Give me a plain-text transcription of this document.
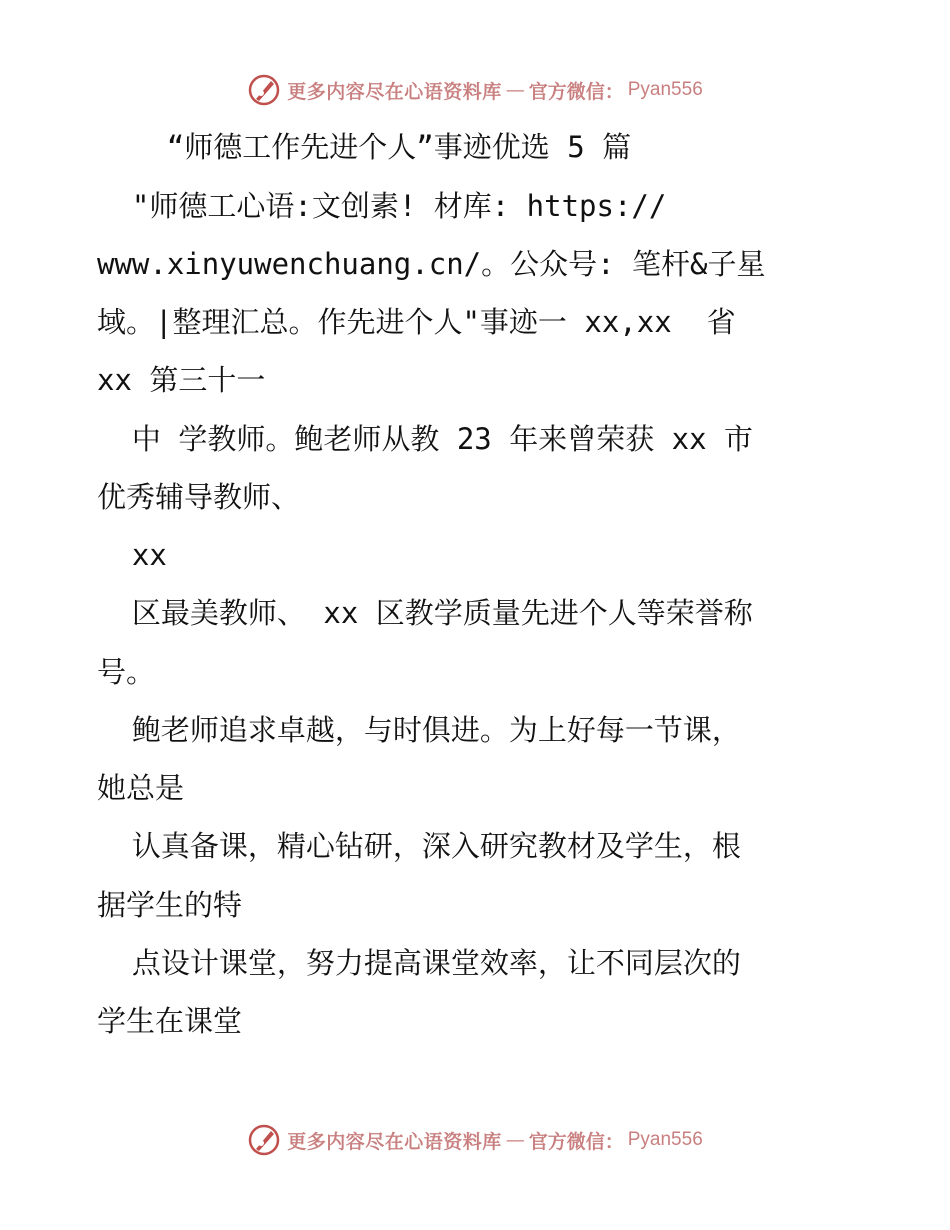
更多内容尽在心语资料库 — 官方微信： Pyan556
“师德工作先进个人”事迹优选 5 篇
"师德工心语:文创素! 材库: https://
www.xinyuwenchuang.cn/。公众号: 笔杆&子星
域。|整理汇总。作先进个人"事迹一 xx,xx  省
xx 第三十一
中 学教师。鲍老师从教 23 年来曾荣获 xx 市
优秀辅导教师、
xx
区最美教师、 xx 区教学质量先进个人等荣誉称
号。
鲍老师追求卓越，与时俱进。为上好每一节课，
她总是
认真备课，精心钻研，深入研究教材及学生，根
据学生的特
点设计课堂，努力提高课堂效率，让不同层次的
学生在课堂
更多内容尽在心语资料库 — 官方微信： Pyan556
